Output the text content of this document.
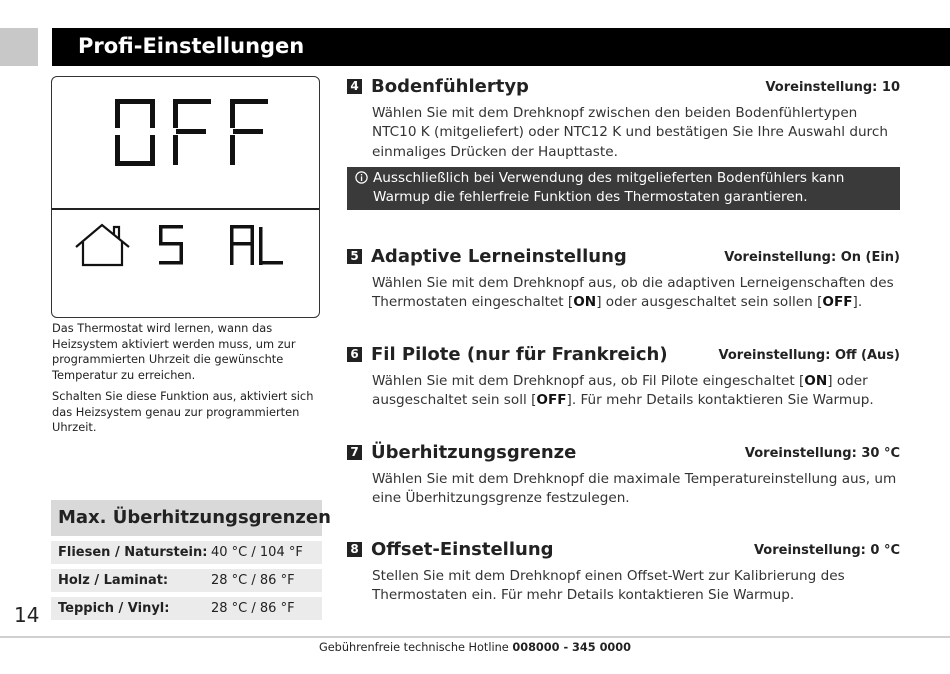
Profi-Einstellungen

Das Thermostat wird lernen, wann das Heizsystem aktiviert werden muss, um zur programmierten Uhrzeit die gewünschte Temperatur zu erreichen.

Schalten Sie diese Funktion aus, aktiviert sich das Heizsystem genau zur programmierten Uhrzeit.

Max. Überhitzungsgrenzen
Fliesen / Naturstein: 40 °C / 104 °F
Holz / Laminat:	28 °C / 86 °F
Teppich / Vinyl:	28 °C / 86 °F
14
4 Bodenfühlertyp	Voreinstellung: 10
Wählen Sie mit dem Drehknopf zwischen den beiden Bodenfühlertypen NTC10 K (mitgeliefert) oder NTC12 K und bestätigen Sie Ihre Auswahl durch einmaliges Drücken der Haupttaste.
Ausschließlich bei Verwendung des mitgelieferten Bodenfühlers kann Warmup die fehlerfreie Funktion des Thermostaten garantieren.
5 Adaptive Lerneinstellung	Voreinstellung: On (Ein)
Wählen Sie mit dem Drehknopf aus, ob die adaptiven Lerneigenschaften des Thermostaten eingeschaltet [ON] oder ausgeschaltet sein sollen [OFF].
6 Fil Pilote (nur für Frankreich)	Voreinstellung: Off (Aus)
Wählen Sie mit dem Drehknopf aus, ob Fil Pilote eingeschaltet [ON] oder ausgeschaltet sein soll [OFF]. Für mehr Details kontaktieren Sie Warmup.
7 Überhitzungsgrenze	Voreinstellung: 30 °C
Wählen Sie mit dem Drehknopf die maximale Temperatureinstellung aus, um eine Überhitzungsgrenze festzulegen.
8 Offset-Einstellung	Voreinstellung: 0 °C
Stellen Sie mit dem Drehknopf einen Offset-Wert zur Kalibrierung des Thermostaten ein. Für mehr Details kontaktieren Sie Warmup.
Gebührenfreie technische Hotline 008000 - 345 0000
